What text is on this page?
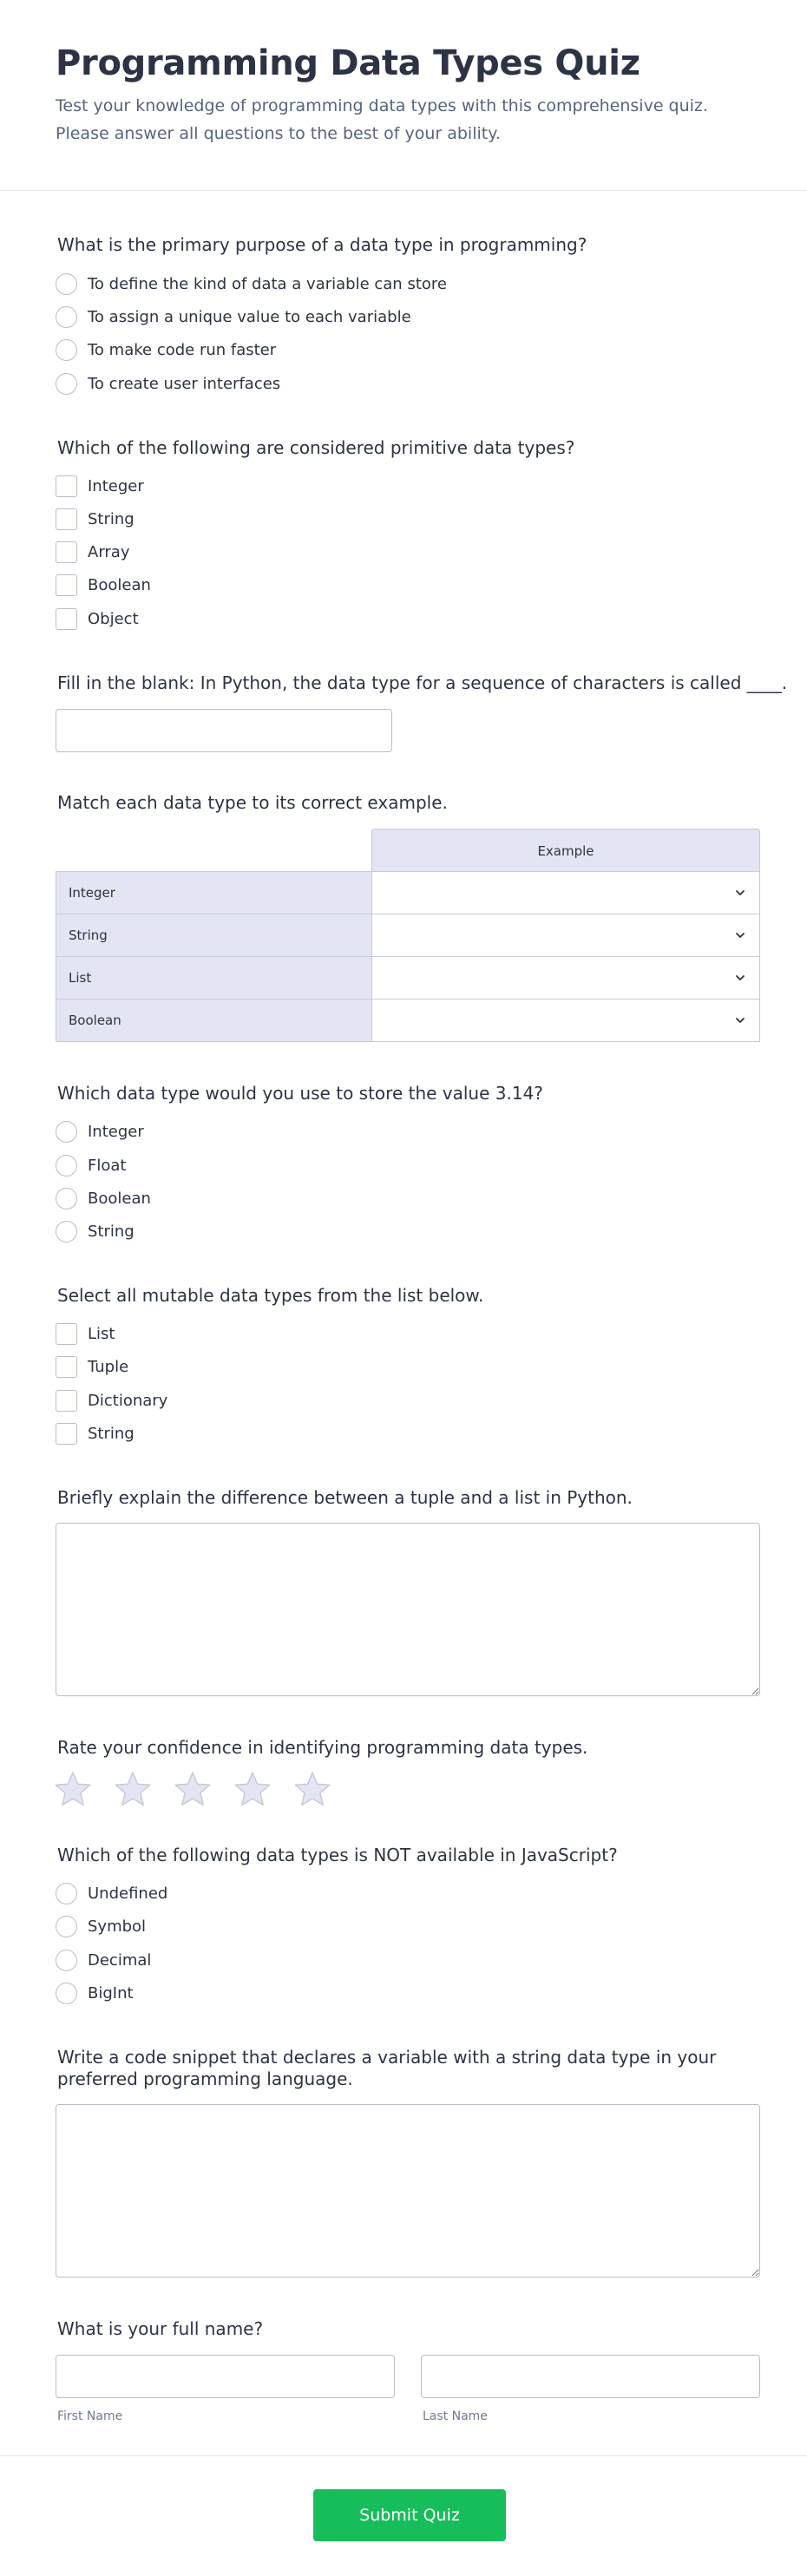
Programming Data Types Quiz
Test your knowledge of programming data types with this comprehensive quiz. Please answer all questions to the best of your ability.
What is the primary purpose of a data type in programming?
To define the kind of data a variable can store
To assign a unique value to each variable
To make code run faster
To create user interfaces
Which of the following are considered primitive data types?
Integer
String
Array
Boolean
Object
Fill in the blank: In Python, the data type for a sequence of characters is called ____.
Match each data type to its correct example.
Example
Integer
String
List
Boolean
Which data type would you use to store the value 3.14?
Integer
Float
Boolean
String
Select all mutable data types from the list below.
List
Tuple
Dictionary
String
Briefly explain the difference between a tuple and a list in Python.
Rate your confidence in identifying programming data types.
Which of the following data types is NOT available in JavaScript?
Undefined
Symbol
Decimal
BigInt
Write a code snippet that declares a variable with a string data type in your preferred programming language.
What is your full name?
First Name	Last Name
Submit Quiz
